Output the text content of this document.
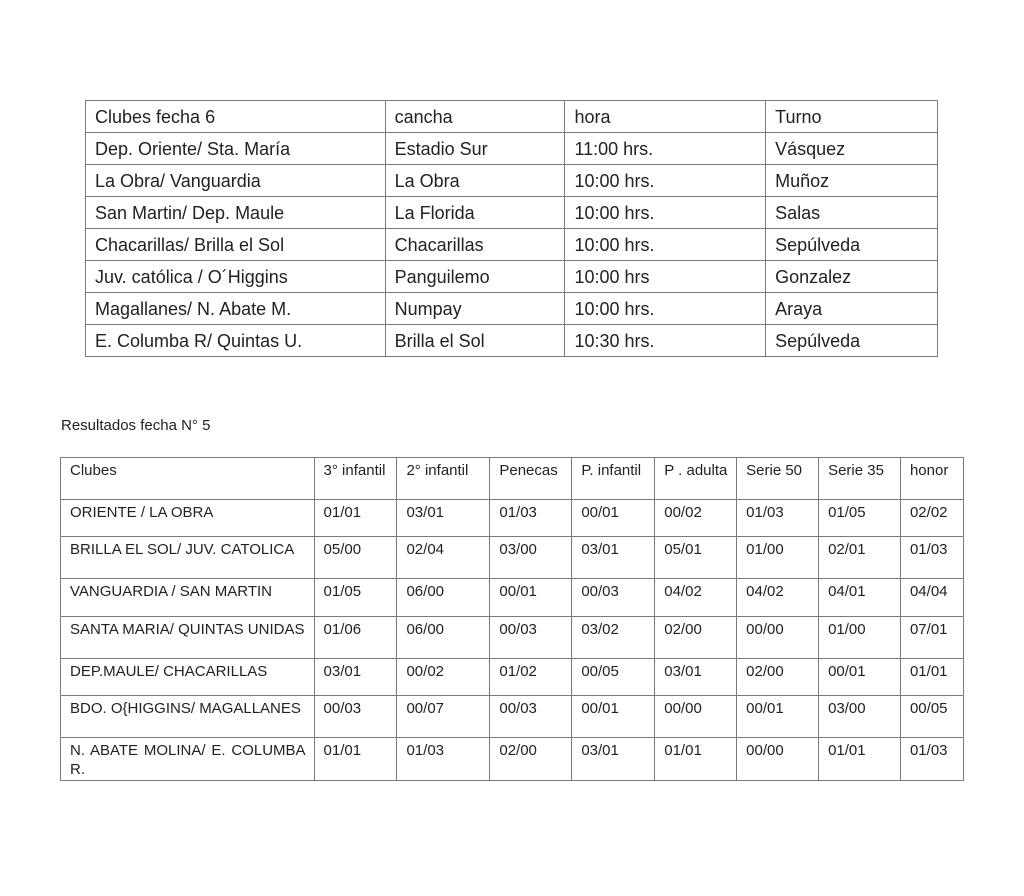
Clubes fecha 6	cancha	hora	Turno
Dep. Oriente/ Sta. María	Estadio Sur	11:00 hrs.	Vásquez
La Obra/ Vanguardia	La Obra	10:00 hrs.	Muñoz
San Martin/ Dep. Maule	La Florida	10:00 hrs.	Salas
Chacarillas/ Brilla el Sol	Chacarillas	10:00 hrs.	Sepúlveda
Juv. católica / O´Higgins	Panguilemo	10:00 hrs	Gonzalez
Magallanes/ N. Abate M.	Numpay	10:00 hrs.	Araya
E. Columba R/ Quintas U.	Brilla el Sol	10:30 hrs.	Sepúlveda
Resultados fecha N° 5
Clubes	3° infantil	2° infantil	Penecas	P. infantil	P . adulta	Serie 50	Serie 35	honor
ORIENTE / LA OBRA	01/01	03/01	01/03	00/01	00/02	01/03	01/05	02/02
BRILLA EL SOL/ JUV. CATOLICA	05/00	02/04	03/00	03/01	05/01	01/00	02/01	01/03
VANGUARDIA / SAN MARTIN	01/05	06/00	00/01	00/03	04/02	04/02	04/01	04/04
SANTA MARIA/ QUINTAS UNIDAS	01/06	06/00	00/03	03/02	02/00	00/00	01/00	07/01
DEP.MAULE/ CHACARILLAS	03/01	00/02	01/02	00/05	03/01	02/00	00/01	01/01
BDO. O{HIGGINS/ MAGALLANES	00/03	00/07	00/03	00/01	00/00	00/01	03/00	00/05
N. ABATE MOLINA/ E. COLUMBA R.	01/01	01/03	02/00	03/01	01/01	00/00	01/01	01/03
